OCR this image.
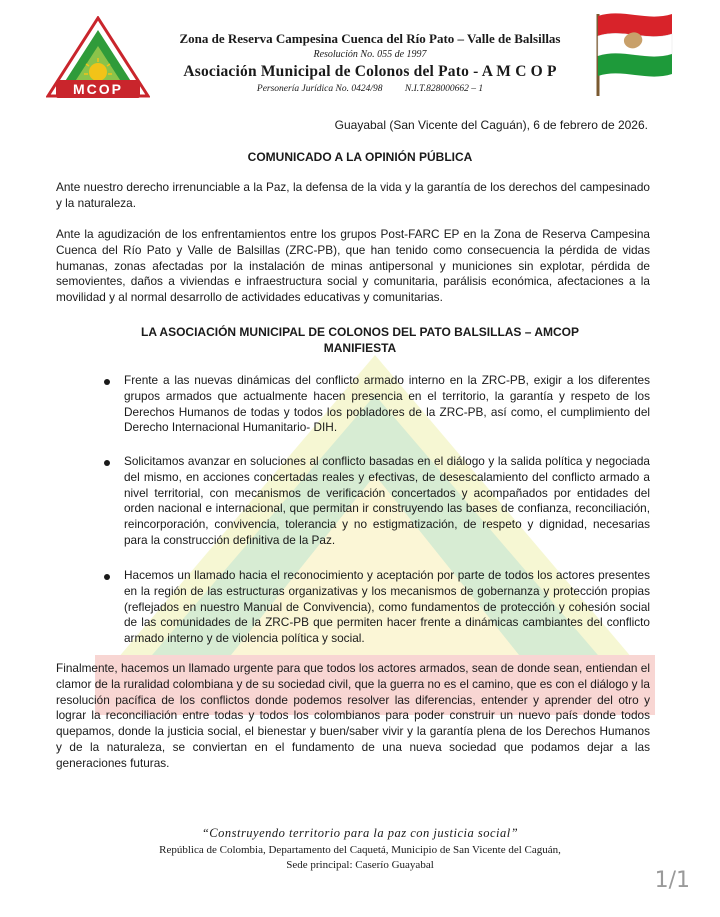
MCOP
Zona de Reserva Campesina Cuenca del Río Pato – Valle de Balsillas
Resolución No. 055 de 1997
Asociación Municipal de Colonos del Pato - A M C O P
Personería Jurídica No. 0424/98 N.I.T.828000662 – 1
Guayabal (San Vicente del Caguán), 6 de febrero de 2026.
COMUNICADO A LA OPINIÓN PÚBLICA

Ante nuestro derecho irrenunciable a la Paz, la defensa de la vida y la garantía de los derechos del campesinado y la naturaleza.

Ante la agudización de los enfrentamientos entre los grupos Post-FARC EP en la Zona de Reserva Campesina Cuenca del Río Pato y Valle de Balsillas (ZRC-PB), que han tenido como consecuencia la pérdida de vidas humanas, zonas afectadas por la instalación de minas antipersonal y municiones sin explotar, pérdida de semovientes, daños a viviendas e infraestructura social y comunitaria, parálisis económica, afectaciones a la movilidad y al normal desarrollo de actividades educativas y comunitarias.

LA ASOCIACIÓN MUNICIPAL DE COLONOS DEL PATO BALSILLAS – AMCOP
MANIFIESTA

Frente a las nuevas dinámicas del conflicto armado interno en la ZRC-PB, exigir a los diferentes grupos armados que actualmente hacen presencia en el territorio, la garantía y respeto de los Derechos Humanos de todas y todos los pobladores de la ZRC-PB, así como, el cumplimiento del Derecho Internacional Humanitario- DIH.

Solicitamos avanzar en soluciones al conflicto basadas en el diálogo y la salida política y negociada del mismo, en acciones concertadas reales y efectivas, de desescalamiento del conflicto armado a nivel territorial, con mecanismos de verificación concertados y acompañados por entidades del orden nacional e internacional, que permitan ir construyendo las bases de confianza, reconciliación, reincorporación, convivencia, tolerancia y no estigmatización, de respeto y dignidad, necesarias para la construcción definitiva de la Paz.

Hacemos un llamado hacia el reconocimiento y aceptación por parte de todos los actores presentes en la región de las estructuras organizativas y los mecanismos de gobernanza y protección propias (reflejados en nuestro Manual de Convivencia), como fundamentos de protección y cohesión social de las comunidades de la ZRC-PB que permiten hacer frente a dinámicas cambiantes del conflicto armado interno y de violencia política y social.

Finalmente, hacemos un llamado urgente para que todos los actores armados, sean de donde sean, entiendan el clamor de la ruralidad colombiana y de su sociedad civil, que la guerra no es el camino, que es con el diálogo y la resolución pacífica de los conflictos donde podemos resolver las diferencias, entender y aprender del otro y lograr la reconciliación entre todas y todos los colombianos para poder construir un nuevo país donde todos quepamos, donde la justicia social, el bienestar y buen/saber vivir y la garantía plena de los Derechos Humanos y de la naturaleza, se conviertan en el fundamento de una nueva sociedad que podamos dejar a las generaciones futuras.

“Construyendo territorio para la paz con justicia social”
República de Colombia, Departamento del Caquetá, Municipio de San Vicente del Caguán,
Sede principal: Caserío Guayabal
1/1
